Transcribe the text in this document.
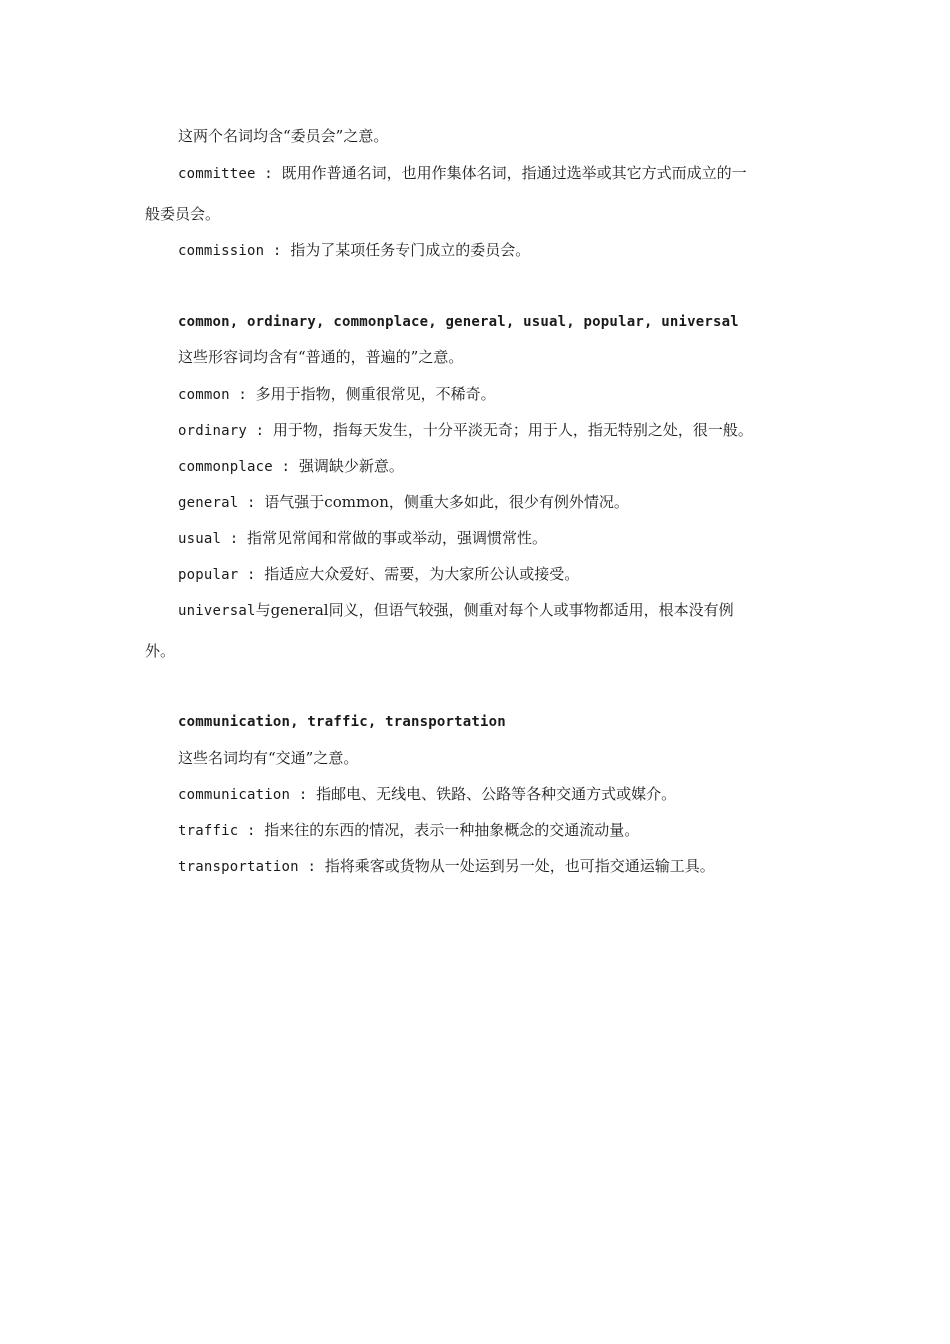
这两个名词均含“委员会”之意。
committee : 既用作普通名词，也用作集体名词，指通过选举或其它方式而成立的一
般委员会。
commission : 指为了某项任务专门成立的委员会。
common, ordinary, commonplace, general, usual, popular, universal
这些形容词均含有“普通的，普遍的”之意。
common : 多用于指物，侧重很常见，不稀奇。
ordinary : 用于物，指每天发生，十分平淡无奇；用于人，指无特别之处，很一般。
commonplace : 强调缺少新意。
general : 语气强于common，侧重大多如此，很少有例外情况。
usual : 指常见常闻和常做的事或举动，强调惯常性。
popular : 指适应大众爱好、需要，为大家所公认或接受。
universal与general同义，但语气较强，侧重对每个人或事物都适用，根本没有例
外。
communication, traffic, transportation
这些名词均有“交通”之意。
communication : 指邮电、无线电、铁路、公路等各种交通方式或媒介。
traffic : 指来往的东西的情况，表示一种抽象概念的交通流动量。
transportation : 指将乘客或货物从一处运到另一处，也可指交通运输工具。
